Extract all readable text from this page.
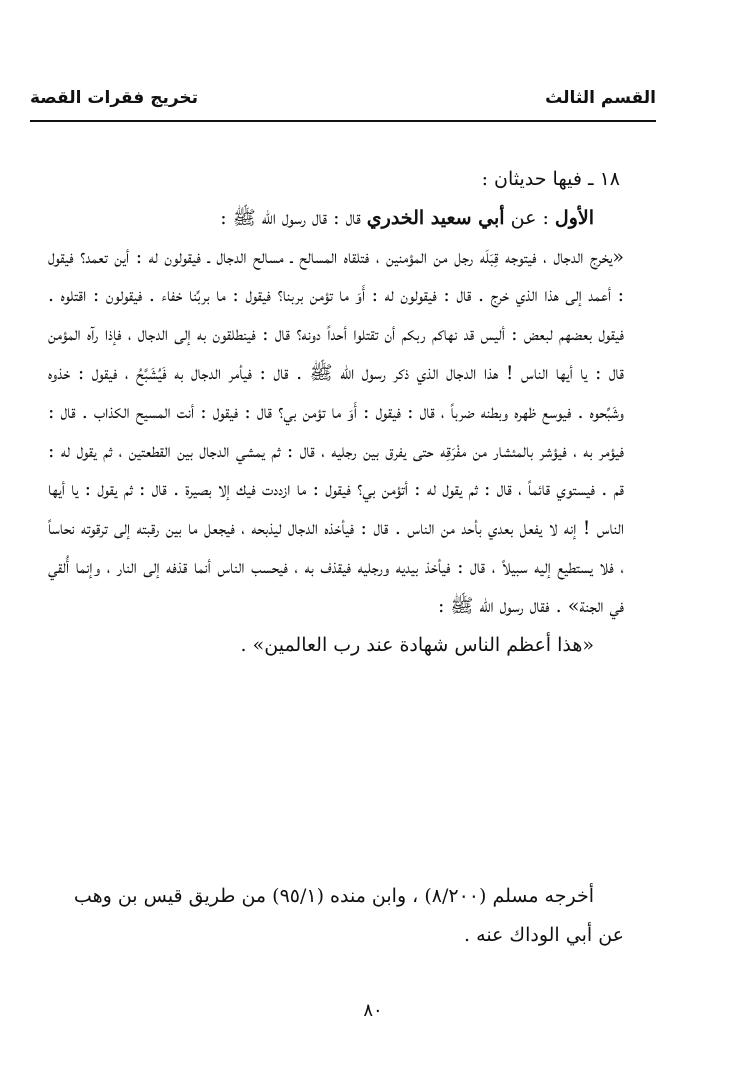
القسم الثالث
تخريج فقرات القصة

١٨ ـ فيها حديثان :

الأول : عن أبي سعيد الخدري قال : قال رسول الله ﷺ :

«يخرج الدجال ، فيتوجه قِبَلَه رجل من المؤمنين ، فتلقاه المسالح ـ مسالح الدجال ـ فيقولون له : أين تعمد؟ فيقول : أعمد إلى هذا الذي خرج . قال : فيقولون له : أَوَ ما تؤمن بربنا؟ فيقول : ما بربِّنا خفاء . فيقولون : اقتلوه . فيقول بعضهم لبعض : أليس قد نهاكم ربكم أن تقتلوا أحداً دونه؟ قال : فينطلقون به إلى الدجال ، فإذا رآه المؤمن قال : يا أيها الناس ! هذا الدجال الذي ذكر رسول الله ﷺ . قال : فيأمر الدجال به فَيُشَبَّحُ ، فيقول : خذوه وشَبِّحوه . فيوسع ظهره وبطنه ضرباً ، قال : فيقول : أَوَ ما تؤمن بي؟ قال : فيقول : أنت المسيح الكذاب . قال : فيؤمر به ، فيؤشر بالمئشار من مفْرَقِه حتى يفرق بين رجليه ، قال : ثم يمشي الدجال بين القطعتين ، ثم يقول له : قم . فيستوي قائماً ، قال : ثم يقول له : أتؤمن بي؟ فيقول : ما ازددت فيك إلا بصيرة . قال : ثم يقول : يا أيها الناس ! إنه لا يفعل بعدي بأحد من الناس . قال : فيأخذه الدجال ليذبحه ، فيجعل ما بين رقبته إلى ترقوته نحاساً ، فلا يستطيع إليه سبيلاً ، قال : فيأخذ بيديه ورجليه فيقذف به ، فيحسب الناس أنما قذفه إلى النار ، وإنما أُلقي في الجنة» . فقال رسول الله ﷺ :

«هذا أعظم الناس شهادة عند رب العالمين» .

أخرجه مسلم (٨/٢٠٠) ، وابن منده (٩٥/١) من طريق قيس بن وهب

عن أبي الوداك عنه .

٨٠
